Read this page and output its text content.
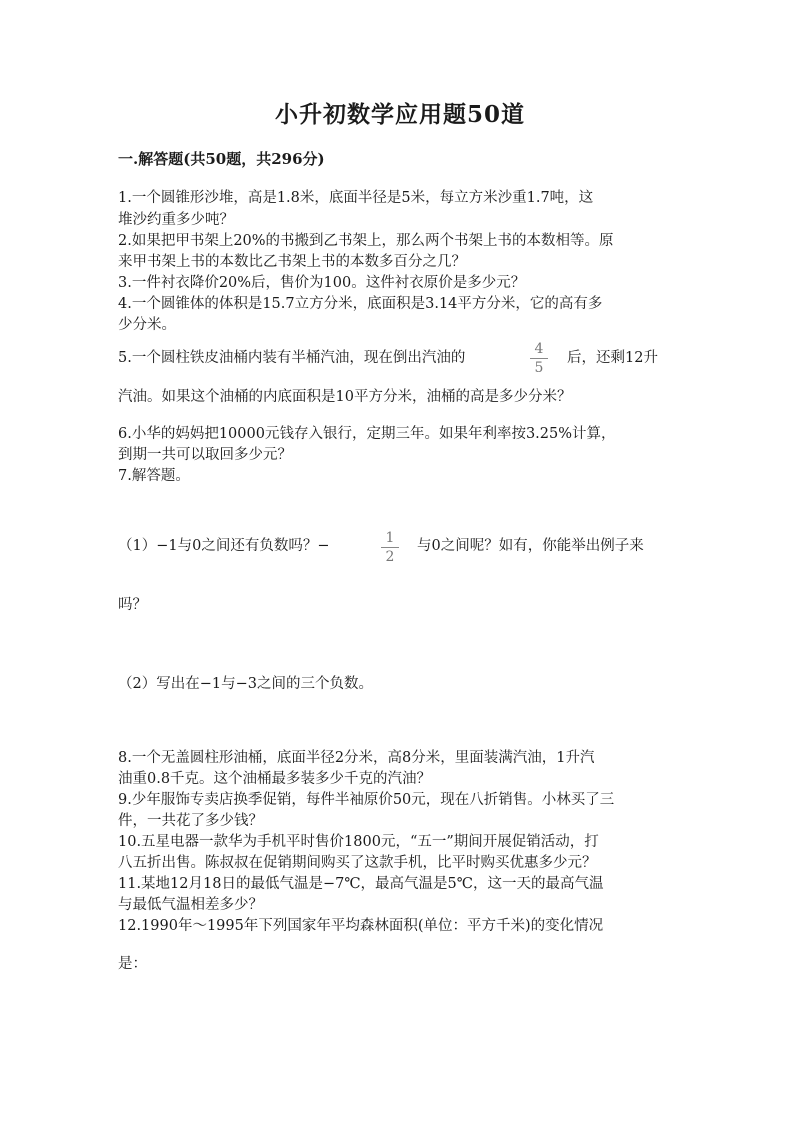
小升初数学应用题50道
一.解答题(共50题，共296分)
1.一个圆锥形沙堆，高是1.8米，底面半径是5米，每立方米沙重1.7吨，这
堆沙约重多少吨？
2.如果把甲书架上20%的书搬到乙书架上，那么两个书架上书的本数相等。原
来甲书架上书的本数比乙书架上书的本数多百分之几？
3.一件衬衣降价20%后，售价为100。这件衬衣原价是多少元？
4.一个圆锥体的体积是15.7立方分米，底面积是3.14平方分米，它的高有多
少分米。
5.一个圆柱铁皮油桶内装有半桶汽油，现在倒出汽油的	$\frac{4}{5}$ 后，还剩12升
汽油。如果这个油桶的内底面积是10平方分米，油桶的高是多少分米？
6.小华的妈妈把10000元钱存入银行，定期三年。如果年利率按3.25%计算，
到期一共可以取回多少元？
7.解答题。
（1）−1与0之间还有负数吗？−	$\frac{1}{2}$ 与0之间呢？如有，你能举出例子来
吗？
（2）写出在−1与−3之间的三个负数。
8.一个无盖圆柱形油桶，底面半径2分米，高8分米，里面装满汽油，1升汽
油重0.8千克。这个油桶最多装多少千克的汽油？
9.少年服饰专卖店换季促销，每件半袖原价50元，现在八折销售。小林买了三
件，一共花了多少钱？
10.五星电器一款华为手机平时售价1800元，“五一”期间开展促销活动，打
八五折出售。陈叔叔在促销期间购买了这款手机，比平时购买优惠多少元？
11.某地12月18日的最低气温是−7℃，最高气温是5℃，这一天的最高气温
与最低气温相差多少？
12.1990年～1995年下列国家年平均森林面积(单位：平方千米)的变化情况
是：
